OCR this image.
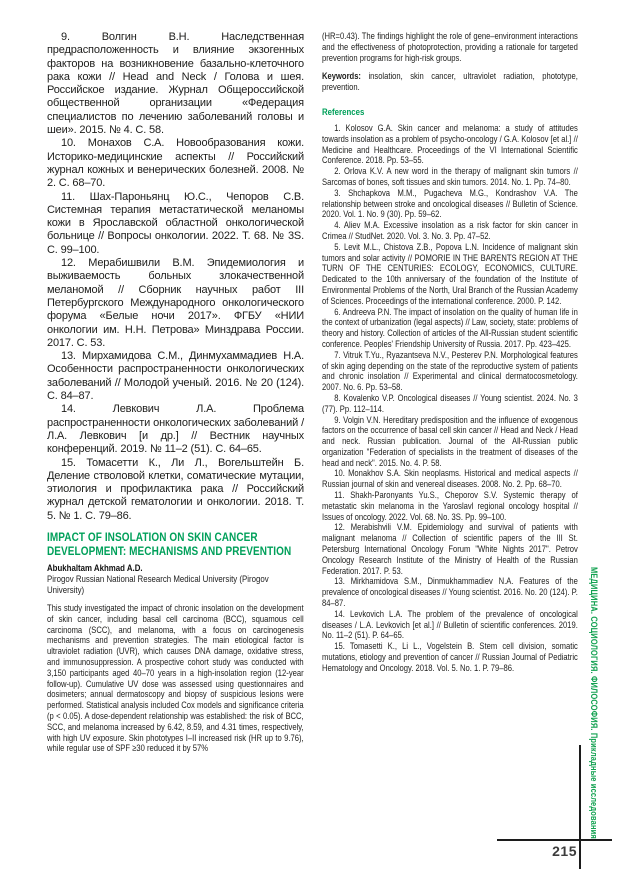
9. Волгин В.Н. Наследственная предрасположенность и влияние экзогенных факторов на возникновение базально-клеточного рака кожи // Head and Neck / Голова и шея. Российское издание. Журнал Общероссийской общественной организации «Федерация специалистов по лечению заболеваний головы и шеи». 2015. № 4. С. 58.

10. Монахов С.А. Новообразования кожи. Историко-медицинские аспекты // Российский журнал кожных и венерических болезней. 2008. № 2. С. 68–70.

11. Шах-Пароньянц Ю.С., Чепоров С.В. Системная терапия метастатической меланомы кожи в Ярославской областной онкологической больнице // Вопросы онкологии. 2022. Т. 68. № 3S. С. 99–100.

12. Мерабишвили В.М. Эпидемиология и выживаемость больных злокачественной меланомой // Сборник научных работ III Петербургского Международного онкологического форума «Белые ночи 2017». ФГБУ «НИИ онкологии им. Н.Н. Петрова» Минздрава России. 2017. С. 53.

13. Мирхамидова С.М., Динмухаммадиев Н.А. Особенности распространенности онкологических заболеваний // Молодой ученый. 2016. № 20 (124). С. 84–87.

14. Левкович Л.А. Проблема распространенности онкологических заболеваний / Л.А. Левкович [и др.] // Вестник научных конференций. 2019. № 11–2 (51). С. 64–65.

15. Томасетти К., Ли Л., Вогельштейн Б. Деление стволовой клетки, соматические мутации, этиология и профилактика рака // Российский журнал детской гематологии и онкологии. 2018. Т. 5. № 1. С. 79–86.

IMPACT OF INSOLATION ON SKIN CANCER DEVELOPMENT: MECHANISMS AND PREVENTION

Abukhaltam Akhmad A.D.

Pirogov Russian National Research Medical University (Pirogov University)

This study investigated the impact of chronic insolation on the development of skin cancer, including basal cell carcinoma (BCC), squamous cell carcinoma (SCC), and melanoma, with a focus on carcinogenesis mechanisms and prevention strategies. The main etiological factor is ultraviolet radiation (UVR), which causes DNA damage, oxidative stress, and immunosuppression. A prospective cohort study was conducted with 3,150 participants aged 40–70 years in a high-insolation region (12-year follow-up). Cumulative UV dose was assessed using questionnaires and dosimeters; annual dermatoscopy and biopsy of suspicious lesions were performed. Statistical analysis included Cox models and significance criteria (p < 0.05). A dose-dependent relationship was established: the risk of BCC, SCC, and melanoma increased by 6.42, 8.59, and 4.31 times, respectively, with high UV exposure. Skin phototypes I–II increased risk (HR up to 9.76), while regular use of SPF ≥30 reduced it by 57%

(HR=0.43). The findings highlight the role of gene–environment interactions and the effectiveness of photoprotection, providing a rationale for targeted prevention programs for high-risk groups.

Keywords: insolation, skin cancer, ultraviolet radiation, phototype, prevention.

References

1. Kolosov G.A. Skin cancer and melanoma: a study of attitudes towards insolation as a problem of psycho-oncology / G.A. Kolosov [et al.] // Medicine and Healthcare. Proceedings of the VI International Scientific Conference. 2018. Pp. 53–55.

2. Orlova K.V. A new word in the therapy of malignant skin tumors // Sarcomas of bones, soft tissues and skin tumors. 2014. No. 1. Pp. 74–80.

3. Shchapkova M.M., Pugacheva M.G., Kondrashov V.A. The relationship between stroke and oncological diseases // Bulletin of Science. 2020. Vol. 1. No. 9 (30). Pp. 59–62.

4. Aliev M.A. Excessive insolation as a risk factor for skin cancer in Crimea // StudNet. 2020. Vol. 3. No. 3. Pp. 47–52.

5. Levit M.L., Chistova Z.B., Popova L.N. Incidence of malignant skin tumors and solar activity // POMORIE IN THE BARENTS REGION AT THE TURN OF THE CENTURIES: ECOLOGY, ECONOMICS, CULTURE. Dedicated to the 10th anniversary of the foundation of the Institute of Environmental Problems of the North, Ural Branch of the Russian Academy of Sciences. Proceedings of the international conference. 2000. P. 142.

6. Andreeva P.N. The impact of insolation on the quality of human life in the context of urbanization (legal aspects) // Law, society, state: problems of theory and history. Collection of articles of the All-Russian student scientific conference. Peoples' Friendship University of Russia. 2017. Pp. 423–425.

7. Vitruk T.Yu., Ryazantseva N.V., Pesterev P.N. Morphological features of skin aging depending on the state of the reproductive system of patients and chronic insolation // Experimental and clinical dermatocosmetology. 2007. No. 6. Pp. 53–58.

8. Kovalenko V.P. Oncological diseases // Young scientist. 2024. No. 3 (77). Pp. 112–114.

9. Volgin V.N. Hereditary predisposition and the influence of exogenous factors on the occurrence of basal cell skin cancer // Head and Neck / Head and neck. Russian publication. Journal of the All-Russian public organization "Federation of specialists in the treatment of diseases of the head and neck". 2015. No. 4. P. 58.

10. Monakhov S.A. Skin neoplasms. Historical and medical aspects // Russian journal of skin and venereal diseases. 2008. No. 2. Pp. 68–70.

11. Shakh-Paronyants Yu.S., Cheporov S.V. Systemic therapy of metastatic skin melanoma in the Yaroslavl regional oncology hospital // Issues of oncology. 2022. Vol. 68. No. 3S. Pp. 99–100.

12. Merabishvili V.M. Epidemiology and survival of patients with malignant melanoma // Collection of scientific papers of the III St. Petersburg International Oncology Forum "White Nights 2017". Petrov Oncology Research Institute of the Ministry of Health of the Russian Federation. 2017. P. 53.

13. Mirkhamidova S.M., Dinmukhammadiev N.A. Features of the prevalence of oncological diseases // Young scientist. 2016. No. 20 (124). P. 84–87.

14. Levkovich L.A. The problem of the prevalence of oncological diseases / L.A. Levkovich [et al.] // Bulletin of scientific conferences. 2019. No. 11–2 (51). P. 64–65.

15. Tomasetti K., Li L., Vogelstein B. Stem cell division, somatic mutations, etiology and prevention of cancer // Russian Journal of Pediatric Hematology and Oncology. 2018. Vol. 5. No. 1. P. 79–86.	МЕДИЦИНА. СОЦИОЛОГИЯ. ФИЛОСОФИЯ. Прикладные исследования
215
